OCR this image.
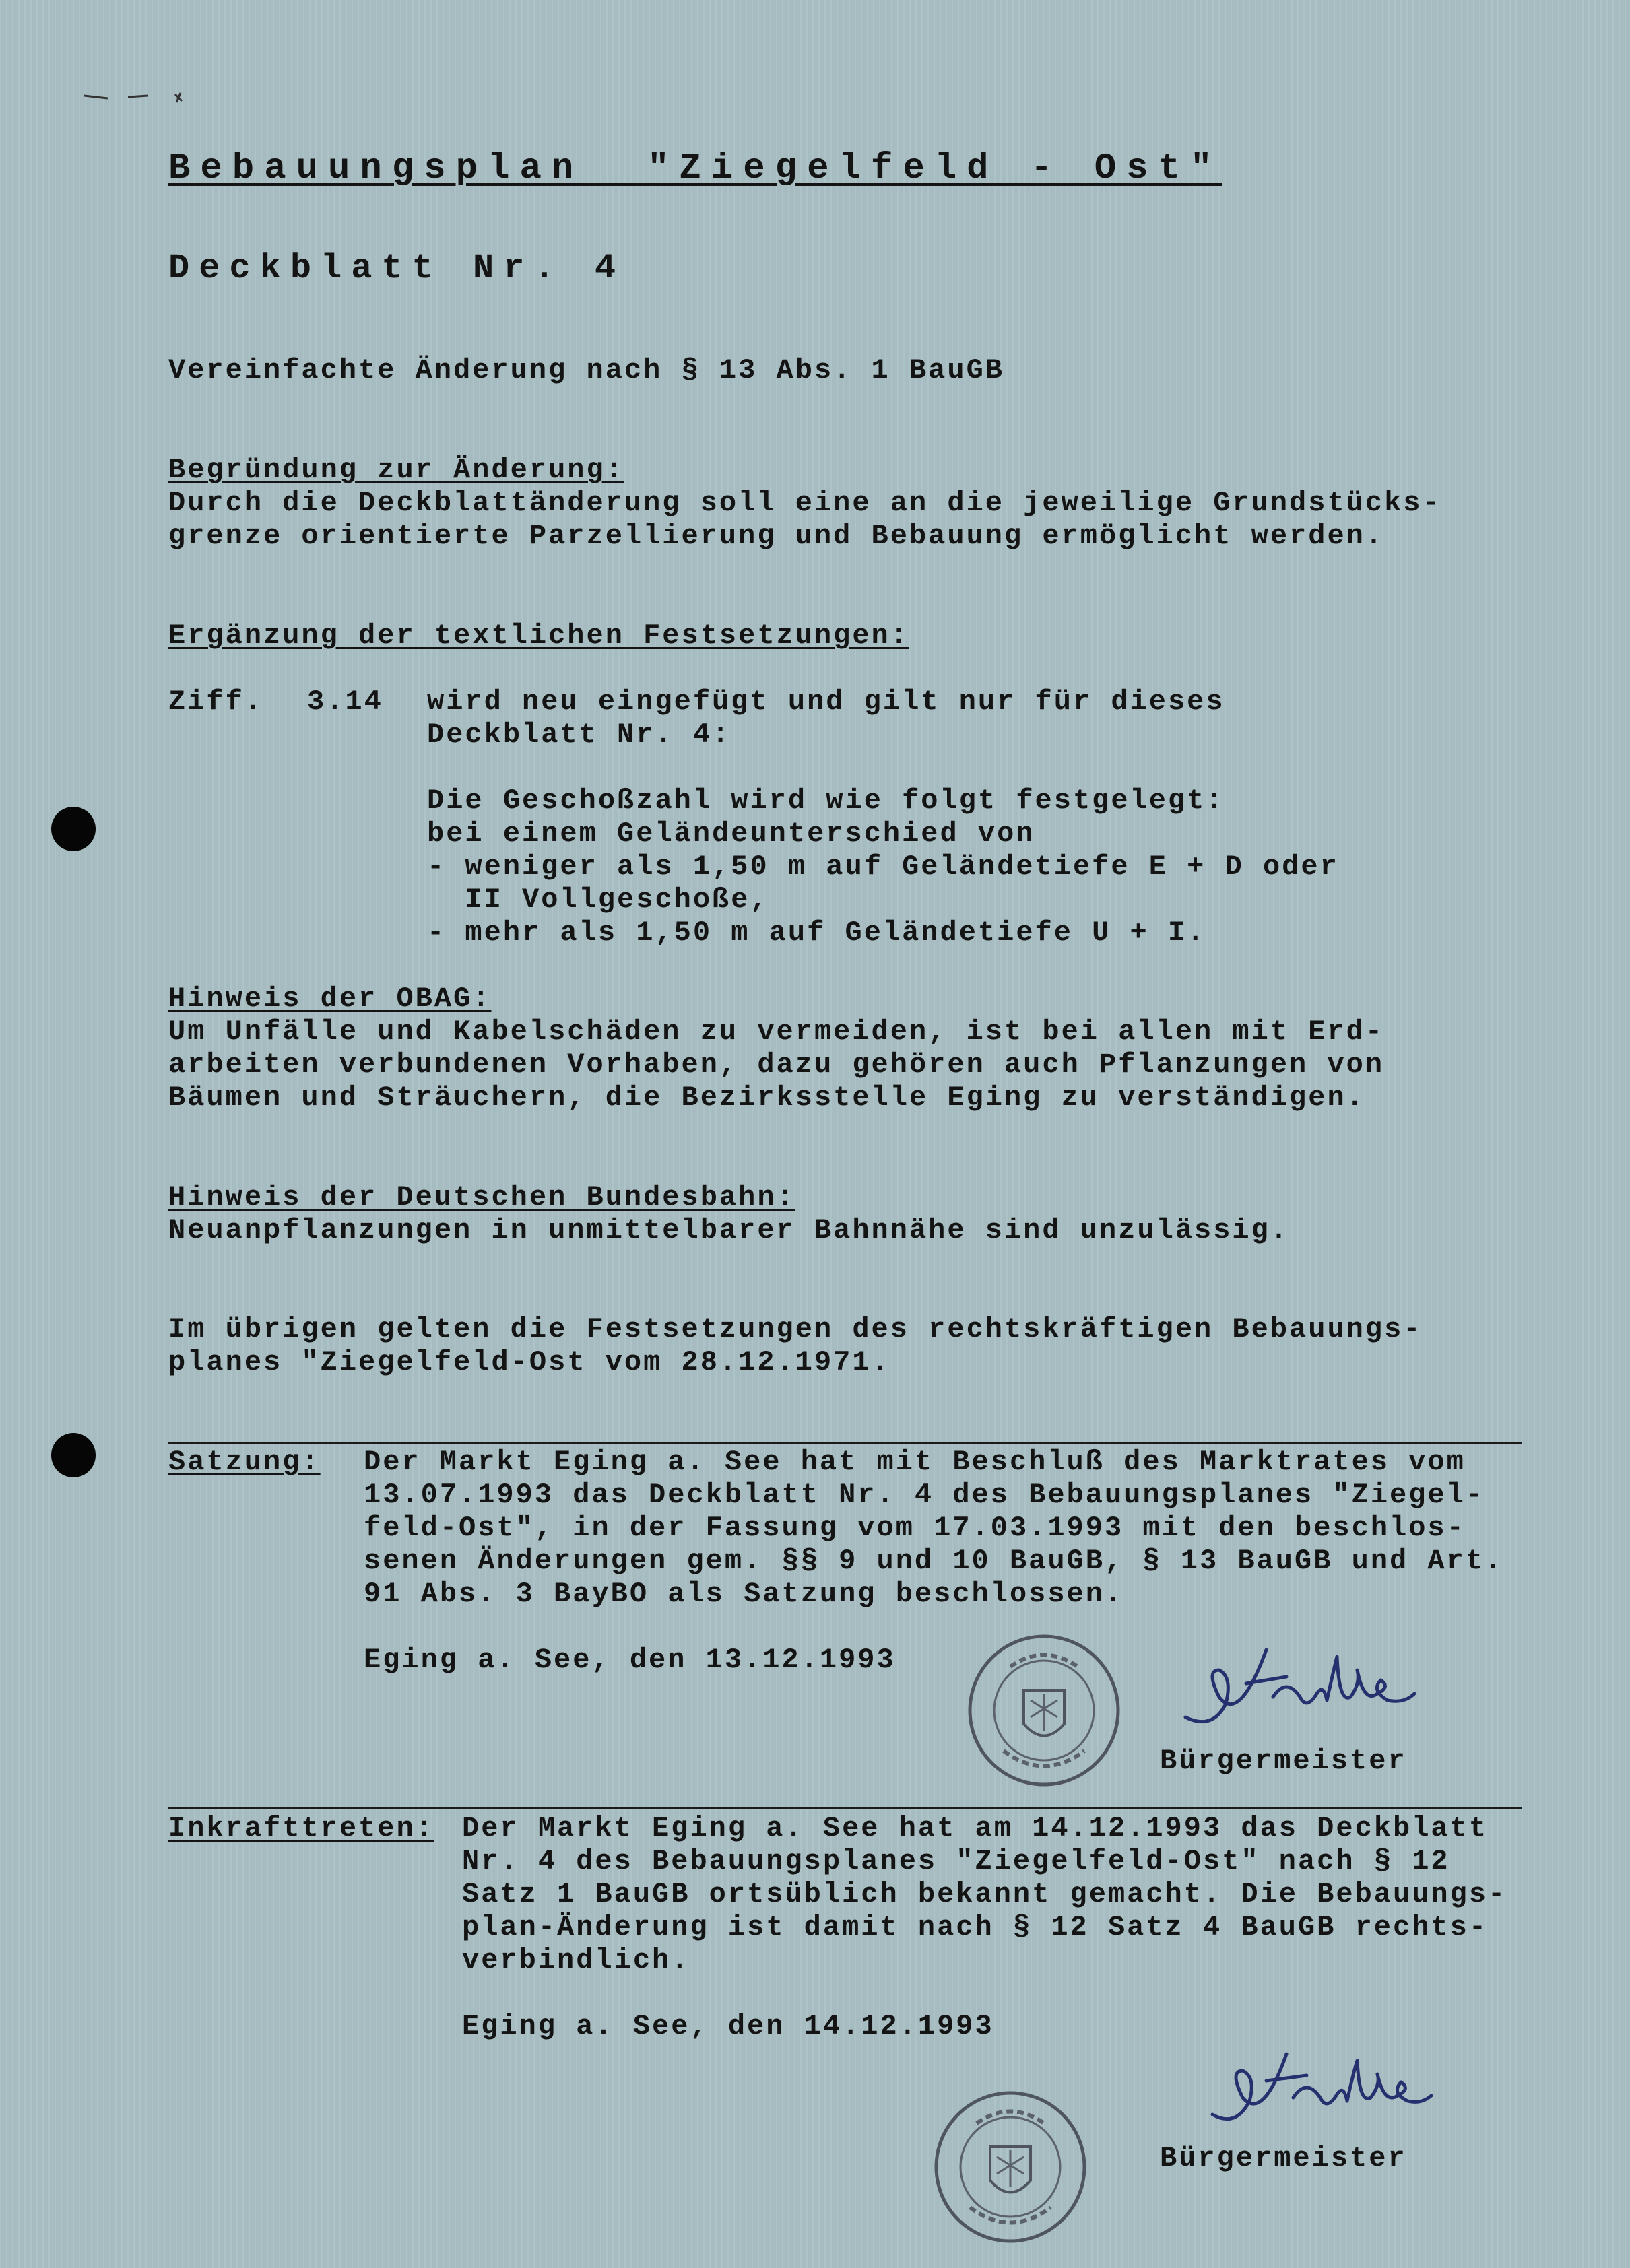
Bebauungsplan  "Ziegelfeld - Ost"
Deckblatt Nr. 4
Vereinfachte Änderung nach § 13 Abs. 1 BauGB
Begründung zur Änderung:
Durch die Deckblattänderung soll eine an die jeweilige Grundstücks-
grenze orientierte Parzellierung und Bebauung ermöglicht werden.
Ergänzung der textlichen Festsetzungen:
Ziff. 3.14 wird neu eingefügt und gilt nur für dieses
Deckblatt Nr. 4:
Die Geschoßzahl wird wie folgt festgelegt:
bei einem Geländeunterschied von
- weniger als 1,50 m auf Geländetiefe E + D oder
II Vollgeschoße,
- mehr als 1,50 m auf Geländetiefe U + I.
Hinweis der OBAG:
Um Unfälle und Kabelschäden zu vermeiden, ist bei allen mit Erd-
arbeiten verbundenen Vorhaben, dazu gehören auch Pflanzungen von
Bäumen und Sträuchern, die Bezirksstelle Eging zu verständigen.
Hinweis der Deutschen Bundesbahn:
Neuanpflanzungen in unmittelbarer Bahnnähe sind unzulässig.
Im übrigen gelten die Festsetzungen des rechtskräftigen Bebauungs-
planes "Ziegelfeld-Ost vom 28.12.1971.
Satzung: Der Markt Eging a. See hat mit Beschluß des Marktrates vom
13.07.1993 das Deckblatt Nr. 4 des Bebauungsplanes "Ziegel-
feld-Ost", in der Fassung vom 17.03.1993 mit den beschlos-
senen Änderungen gem. §§ 9 und 10 BauGB, § 13 BauGB und Art.
91 Abs. 3 BayBO als Satzung beschlossen.
Eging a. See, den 13.12.1993
Bürgermeister
Inkrafttreten: Der Markt Eging a. See hat am 14.12.1993 das Deckblatt
Nr. 4 des Bebauungsplanes "Ziegelfeld-Ost" nach § 12
Satz 1 BauGB ortsüblich bekannt gemacht. Die Bebauungs-
plan-Änderung ist damit nach § 12 Satz 4 BauGB rechts-
verbindlich.
Eging a. See, den 14.12.1993
Bürgermeister
